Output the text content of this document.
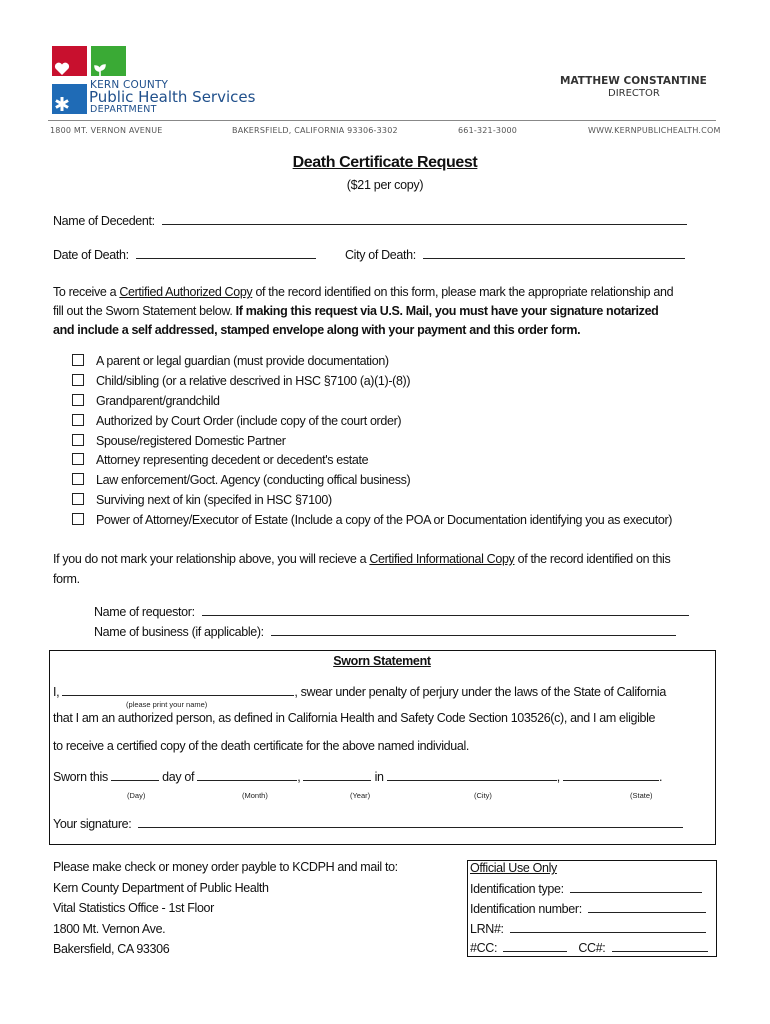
KERN COUNTY
Public Health Services
DEPARTMENT
MATTHEW CONSTANTINE
DIRECTOR
1800 MT. VERNON AVENUE	BAKERSFIELD, CALIFORNIA 93306-3302	661-321-3000	WWW.KERNPUBLICHEALTH.COM
Death Certificate Request
($21 per copy)
Name of Decedent:
Date of Death:	City of Death:
To receive a Certified Authorized Copy of the record identified on this form, please mark the appropriate relationship and
fill out the Sworn Statement below. If making this request via U.S. Mail, you must have your signature notarized
and include a self addressed, stamped envelope along with your payment and this order form.
A parent or legal guardian (must provide documentation)
Child/sibling (or a relative descrived in HSC §7100 (a)(1)-(8))
Grandparent/grandchild
Authorized by Court Order (include copy of the court order)
Spouse/registered Domestic Partner
Attorney representing decedent or decedent's estate
Law enforcement/Goct. Agency (conducting offical business)
Surviving next of kin (specifed in HSC §7100)
Power of Attorney/Executor of Estate (Include a copy of the POA or Documentation identifying you as executor)
If you do not mark your relationship above, you will recieve a Certified Informational Copy of the record identified on this
form.
Name of requestor:
Name of business (if applicable):
Sworn Statement
I,	, swear under penalty of perjury under the laws of the State of California
(please print your name)
that I am an authorized person, as defined in California Health and Safety Code Section 103526(c), and I am eligible
to receive a certified copy of the death certificate for the above named individual.
Sworn this	day of	,	in	,	.
(Day)	(Month)	(Year)	(City)	(State)
Your signature:
Please make check or money order payble to KCDPH and mail to:
Kern County Department of Public Health
Vital Statistics Office - 1st Floor
1800 Mt. Vernon Ave.
Bakersfield, CA 93306
Official Use Only
Identification type:
Identification number:
LRN#:
#CC:	CC#:
